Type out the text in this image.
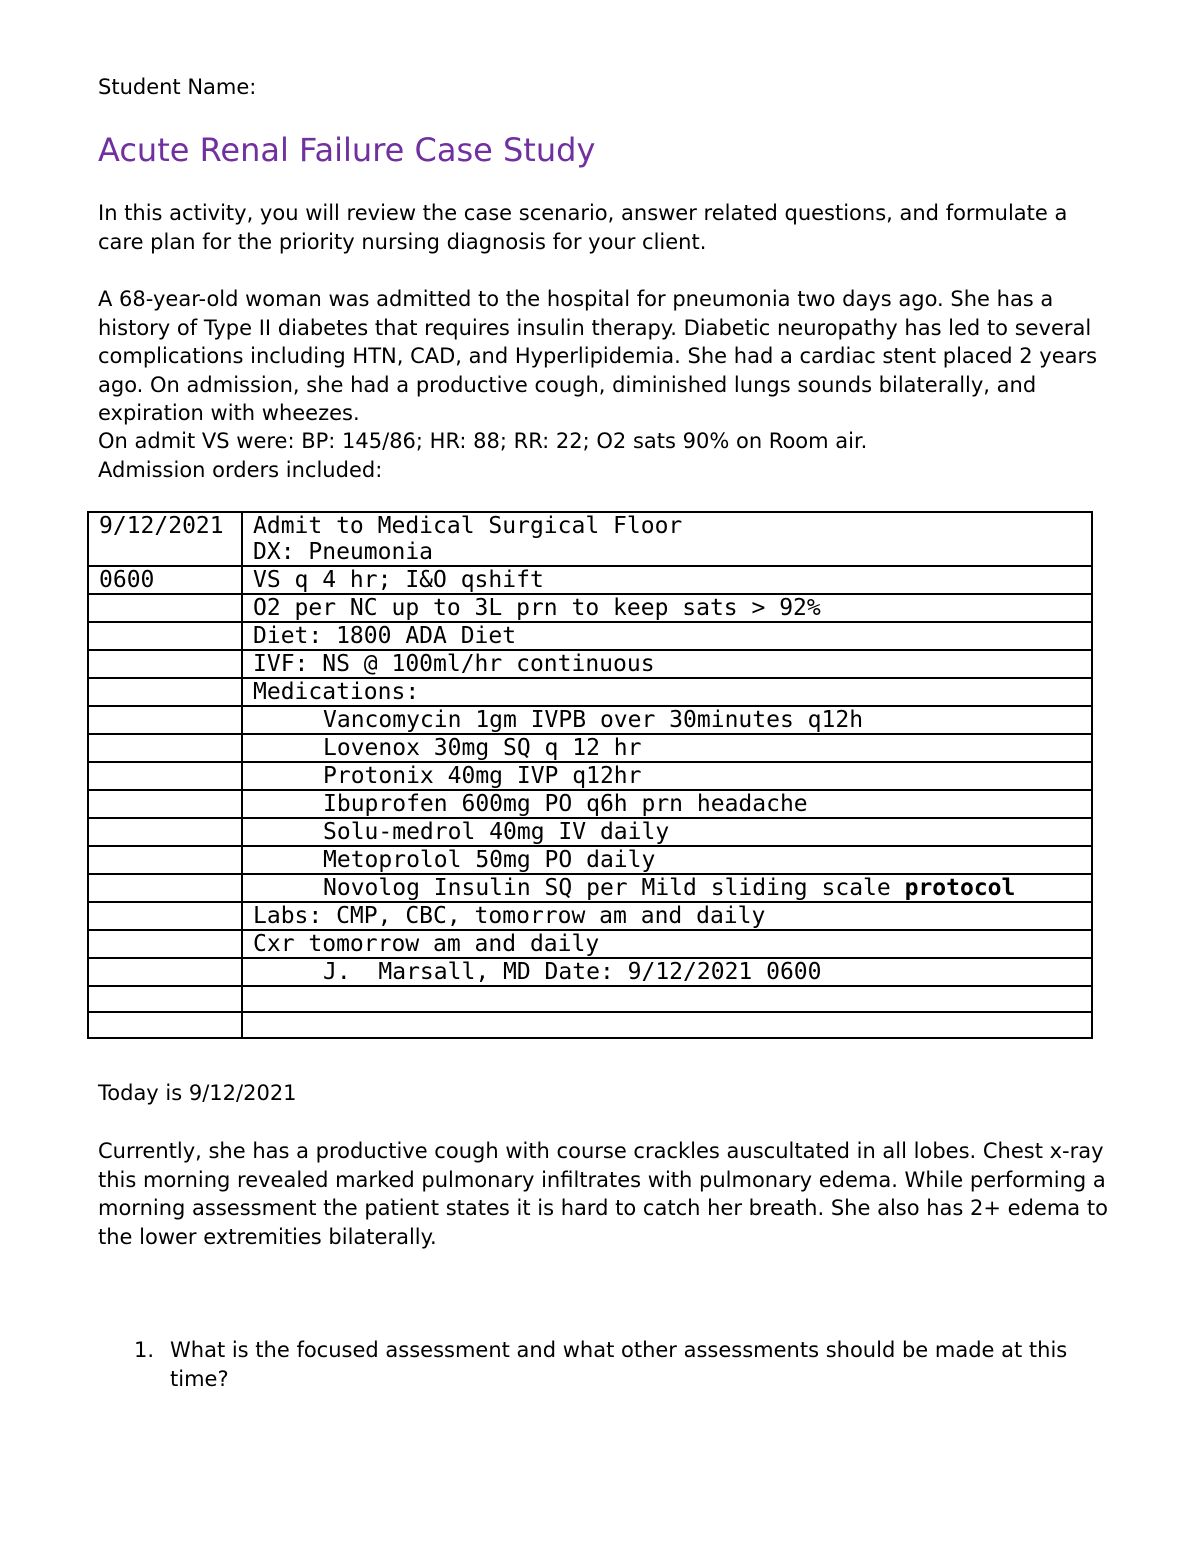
Student Name:

Acute Renal Failure Case Study

In this activity, you will review the case scenario, answer related questions, and formulate a care plan for the priority nursing diagnosis for your client.

A 68-year-old woman was admitted to the hospital for pneumonia two days ago. She has a history of Type II diabetes that requires insulin therapy. Diabetic neuropathy has led to several complications including HTN, CAD, and Hyperlipidemia. She had a cardiac stent placed 2 years ago. On admission, she had a productive cough, diminished lungs sounds bilaterally, and expiration with wheezes.

On admit VS were: BP: 145/86; HR: 88; RR: 22; O2 sats 90% on Room air.

Admission orders included:

9/12/2021	Admit to Medical Surgical Floor
DX: Pneumonia

0600	VS q 4 hr; I&O qshift
	O2 per NC up to 3L prn to keep sats > 92%
	Diet: 1800 ADA Diet
	IVF: NS @ 100ml/hr continuous
	Medications:
	Vancomycin 1gm IVPB over 30minutes q12h
	Lovenox 30mg SQ q 12 hr
	Protonix 40mg IVP q12hr
	Ibuprofen 600mg PO q6h prn headache
	Solu-medrol 40mg IV daily
	Metoprolol 50mg PO daily
	Novolog Insulin SQ per Mild sliding scale protocol
	Labs: CMP, CBC, tomorrow am and daily
	Cxr tomorrow am and daily
	J.  Marsall, MD Date: 9/12/2021 0600

Today is 9/12/2021

Currently, she has a productive cough with course crackles auscultated in all lobes. Chest x-ray this morning revealed marked pulmonary infiltrates with pulmonary edema. While performing a morning assessment the patient states it is hard to catch her breath. She also has 2+ edema to the lower extremities bilaterally.

1. What is the focused assessment and what other assessments should be made at this time?
